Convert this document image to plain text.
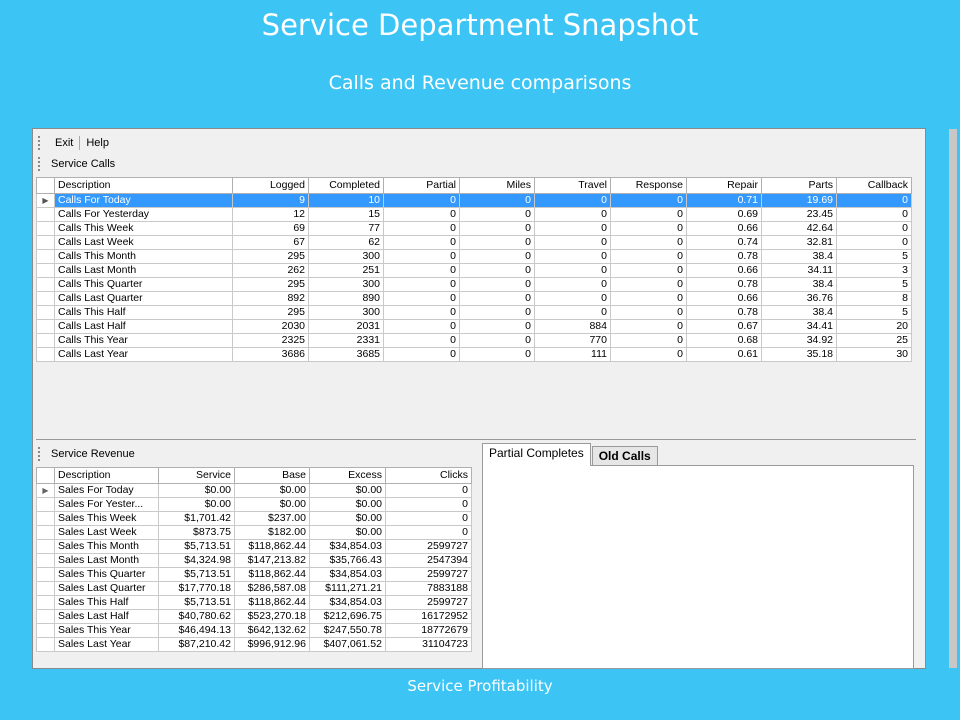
Service Department Snapshot
Calls and Revenue comparisons
Exit	Help
Service Calls
	Description	Logged	Completed	Partial	Miles	Travel	Response	Repair	Parts	Callback
▶	Calls For Today	9	10	0	0	0	0	0.71	19.69	0
	Calls For Yesterday	12	15	0	0	0	0	0.69	23.45	0
	Calls This Week	69	77	0	0	0	0	0.66	42.64	0
	Calls Last Week	67	62	0	0	0	0	0.74	32.81	0
	Calls This Month	295	300	0	0	0	0	0.78	38.4	5
	Calls Last Month	262	251	0	0	0	0	0.66	34.11	3
	Calls This Quarter	295	300	0	0	0	0	0.78	38.4	5
	Calls Last Quarter	892	890	0	0	0	0	0.66	36.76	8
	Calls This Half	295	300	0	0	0	0	0.78	38.4	5
	Calls Last Half	2030	2031	0	0	884	0	0.67	34.41	20
	Calls This Year	2325	2331	0	0	770	0	0.68	34.92	25
	Calls Last Year	3686	3685	0	0	111	0	0.61	35.18	30
Service Revenue
	Description	Service	Base	Excess	Clicks
▶	Sales For Today	$0.00	$0.00	$0.00	0
	Sales For Yester...	$0.00	$0.00	$0.00	0
	Sales This Week	$1,701.42	$237.00	$0.00	0
	Sales Last Week	$873.75	$182.00	$0.00	0
	Sales This Month	$5,713.51	$118,862.44	$34,854.03	2599727
	Sales Last Month	$4,324.98	$147,213.82	$35,766.43	2547394
	Sales This Quarter	$5,713.51	$118,862.44	$34,854.03	2599727
	Sales Last Quarter	$17,770.18	$286,587.08	$111,271.21	7883188
	Sales This Half	$5,713.51	$118,862.44	$34,854.03	2599727
	Sales Last Half	$40,780.62	$523,270.18	$212,696.75	16172952
	Sales This Year	$46,494.13	$642,132.62	$247,550.78	18772679
	Sales Last Year	$87,210.42	$996,912.96	$407,061.52	31104723
Partial Completes	Old Calls
Service Profitability
